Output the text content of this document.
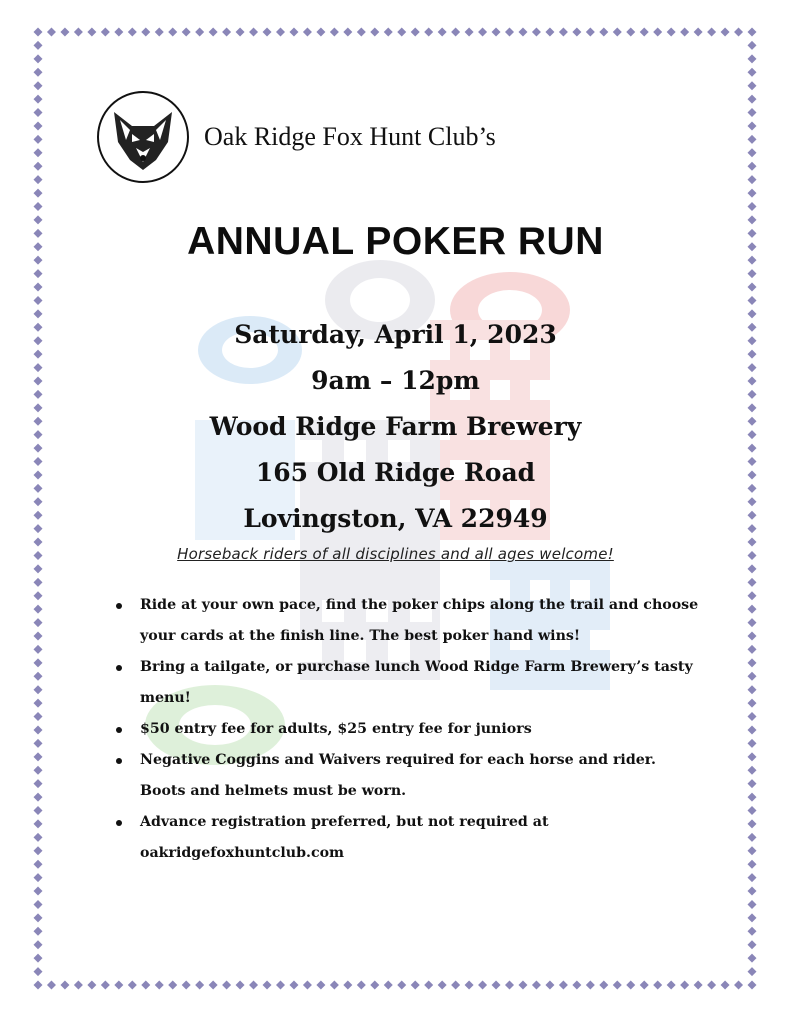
Oak Ridge Fox Hunt Club’s
ANNUAL POKER RUN
Saturday, April 1, 2023
9am – 12pm
Wood Ridge Farm Brewery
165 Old Ridge Road
Lovingston, VA 22949
Horseback riders of all disciplines and all ages welcome!
Ride at your own pace, find the poker chips along the trail and choose your cards at the finish line. The best poker hand wins!
Bring a tailgate, or purchase lunch Wood Ridge Farm Brewery’s tasty menu!
$50 entry fee for adults, $25 entry fee for juniors
Negative Coggins and Waivers required for each horse and rider. Boots and helmets must be worn.
Advance registration preferred, but not required at oakridgefoxhuntclub.com
